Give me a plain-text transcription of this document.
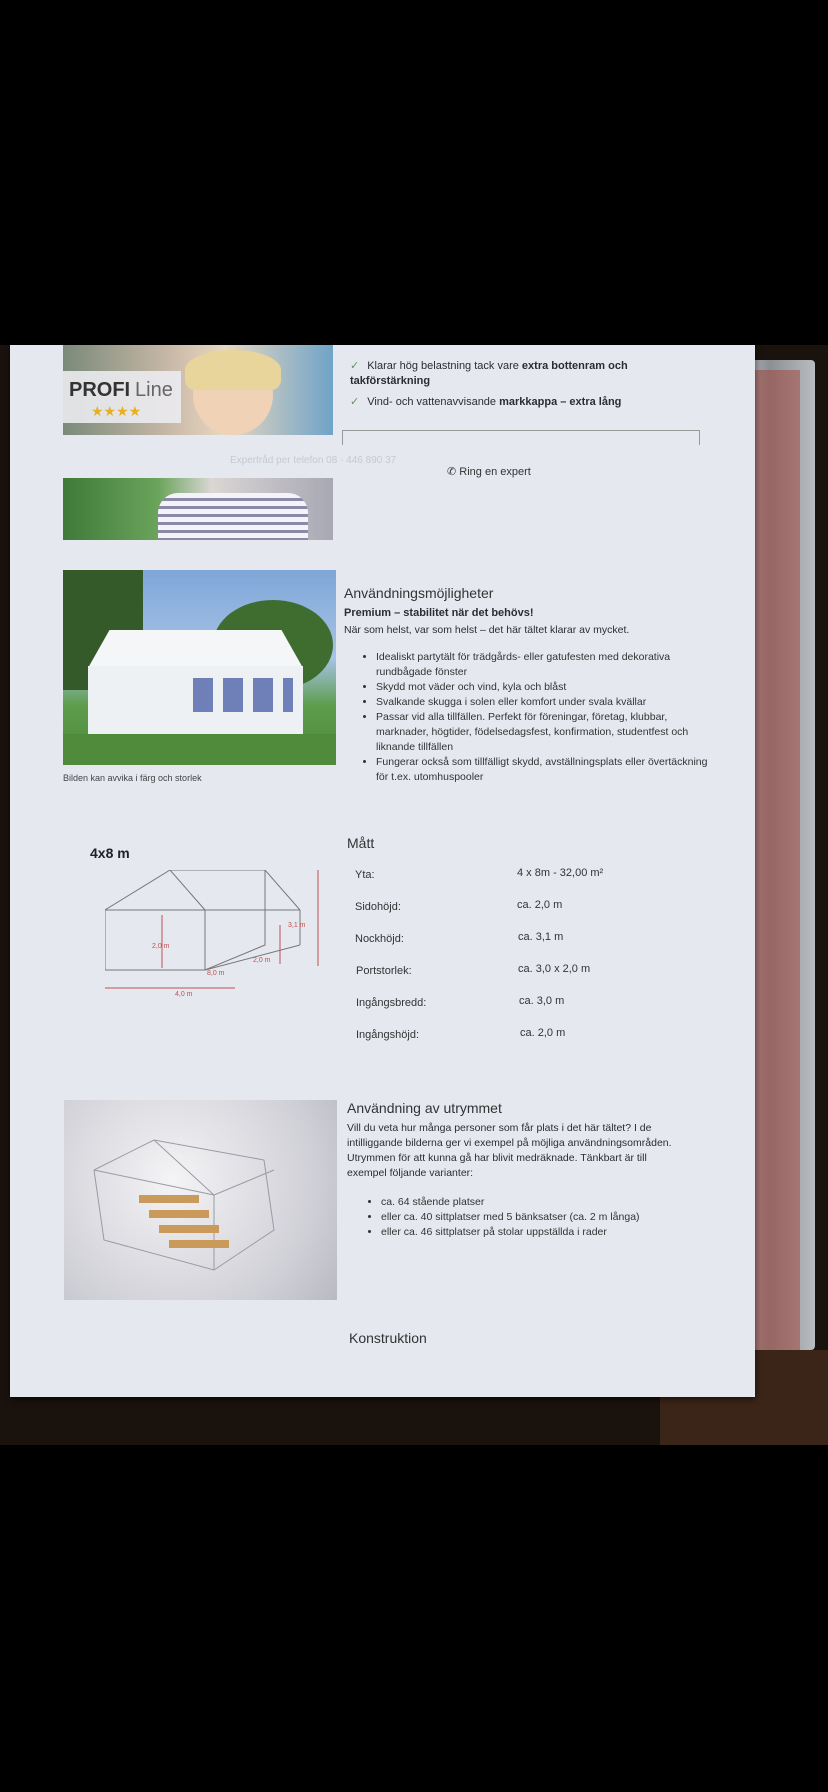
PROFI Line
★★★★
✓ Klarar hög belastning tack vare extra bottenram och takförstärkning
✓ Vind- och vattenavvisande markkappa – extra lång
Expertråd per telefon 08 - 446 890 37
✆ Ring en expert
Bilden kan avvika i färg och storlek
Användningsmöjligheter
Premium – stabilitet när det behövs!
När som helst, var som helst – det här tältet klarar av mycket.
• Idealiskt partytält för trädgårds- eller gatufesten med dekorativa rundbågade fönster
• Skydd mot väder och vind, kyla och blåst
• Svalkande skugga i solen eller komfort under svala kvällar
• Passar vid alla tillfällen. Perfekt för föreningar, företag, klubbar, marknader, högtider, födelsedagsfest, konfirmation, studentfest och liknande tillfällen
• Fungerar också som tillfälligt skydd, avställningsplats eller övertäckning för t.ex. utomhuspooler
4x8 m
2,0 m
3,1 m
2,0 m
8,0 m
4,0 m
Mått
Yta:	4 x 8m - 32,00 m²
Sidohöjd:	ca. 2,0 m
Nockhöjd:	ca. 3,1 m
Portstorlek:	ca. 3,0 x 2,0 m
Ingångsbredd:	ca. 3,0 m
Ingångshöjd:	ca. 2,0 m
Användning av utrymmet
Vill du veta hur många personer som får plats i det här tältet? I de intilliggande bilderna ger vi exempel på möjliga användningsområden. Utrymmen för att kunna gå har blivit medräknade. Tänkbart är till exempel följande varianter:
• ca. 64 stående platser
• eller ca. 40 sittplatser med 5 bänksatser (ca. 2 m långa)
• eller ca. 46 sittplatser på stolar uppställda i rader
Konstruktion
